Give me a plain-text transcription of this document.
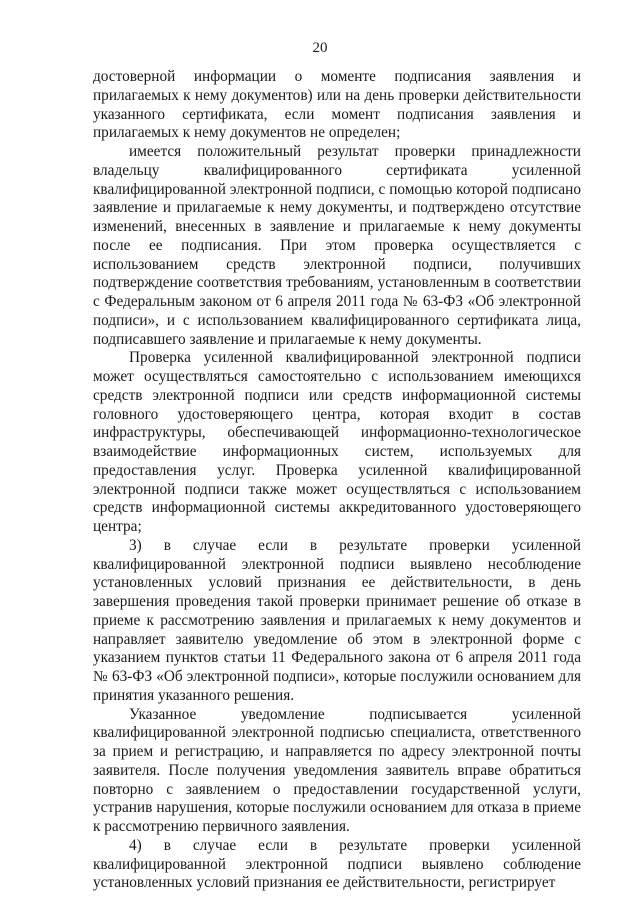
20

достоверной информации о моменте подписания заявления и прилагаемых к нему документов) или на день проверки действительности указанного сертификата, если момент подписания заявления и прилагаемых к нему документов не определен;

имеется положительный результат проверки принадлежности владельцу квалифицированного сертификата усиленной квалифицированной электронной подписи, с помощью которой подписано заявление и прилагаемые к нему документы, и подтверждено отсутствие изменений, внесенных в заявление и прилагаемые к нему документы после ее подписания. При этом проверка осуществляется с использованием средств электронной подписи, получивших подтверждение соответствия требованиям, установленным в соответствии с Федеральным законом от 6 апреля 2011 года № 63-ФЗ «Об электронной подписи», и с использованием квалифицированного сертификата лица, подписавшего заявление и прилагаемые к нему документы.

Проверка усиленной квалифицированной электронной подписи может осуществляться самостоятельно с использованием имеющихся средств электронной подписи или средств информационной системы головного удостоверяющего центра, которая входит в состав инфраструктуры, обеспечивающей информационно-технологическое взаимодействие информационных систем, используемых для предоставления услуг. Проверка усиленной квалифицированной электронной подписи также может осуществляться с использованием средств информационной системы аккредитованного удостоверяющего центра;

3) в случае если в результате проверки усиленной квалифицированной электронной подписи выявлено несоблюдение установленных условий признания ее действительности, в день завершения проведения такой проверки принимает решение об отказе в приеме к рассмотрению заявления и прилагаемых к нему документов и направляет заявителю уведомление об этом в электронной форме с указанием пунктов статьи 11 Федерального закона от 6 апреля 2011 года № 63-ФЗ «Об электронной подписи», которые послужили основанием для принятия указанного решения.

Указанное уведомление подписывается усиленной квалифицированной электронной подписью специалиста, ответственного за прием и регистрацию, и направляется по адресу электронной почты заявителя. После получения уведомления заявитель вправе обратиться повторно с заявлением о предоставлении государственной услуги, устранив нарушения, которые послужили основанием для отказа в приеме к рассмотрению первичного заявления.

4) в случае если в результате проверки усиленной квалифицированной электронной подписи выявлено соблюдение установленных условий признания ее действительности, регистрирует
